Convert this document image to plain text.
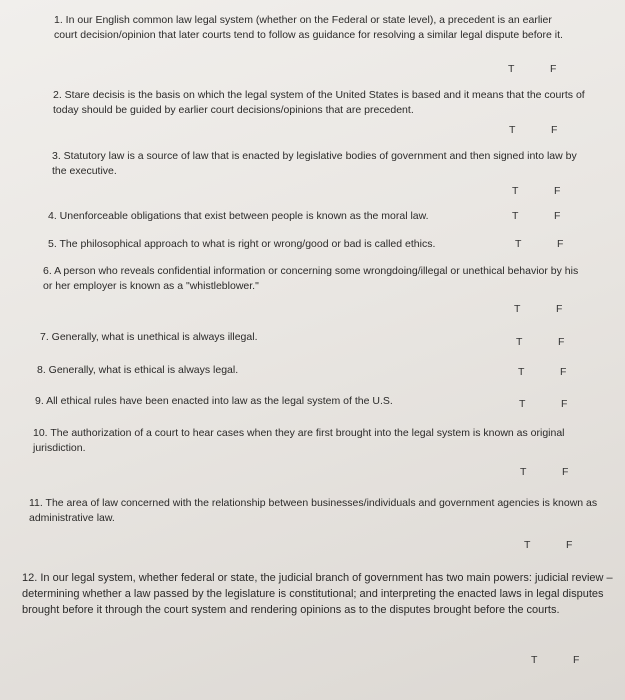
1. In our English common law legal system (whether on the Federal or state level), a precedent is an earlier court decision/opinion that later courts tend to follow as guidance for resolving a similar legal dispute before it.
T	F
2. Stare decisis is the basis on which the legal system of the United States is based and it means that the courts of today should be guided by earlier court decisions/opinions that are precedent.
T	F
3. Statutory law is a source of law that is enacted by legislative bodies of government and then signed into law by the executive.
T	F
4. Unenforceable obligations that exist between people is known as the moral law.	T	F
5. The philosophical approach to what is right or wrong/good or bad is called ethics.	T	F
6. A person who reveals confidential information or concerning some wrongdoing/illegal or unethical behavior by his or her employer is known as a "whistleblower."
T	F
7. Generally, what is unethical is always illegal.	T	F
8. Generally, what is ethical is always legal.	T	F
9. All ethical rules have been enacted into law as the legal system of the U.S.	T	F
10. The authorization of a court to hear cases when they are first brought into the legal system is known as original jurisdiction.
T	F
11. The area of law concerned with the relationship between businesses/individuals and government agencies is known as administrative law.
T	F
12. In our legal system, whether federal or state, the judicial branch of government has two main powers: judicial review – determining whether a law passed by the legislature is constitutional; and interpreting the enacted laws in legal disputes brought before it through the court system and rendering opinions as to the disputes brought before the courts.
T	F
